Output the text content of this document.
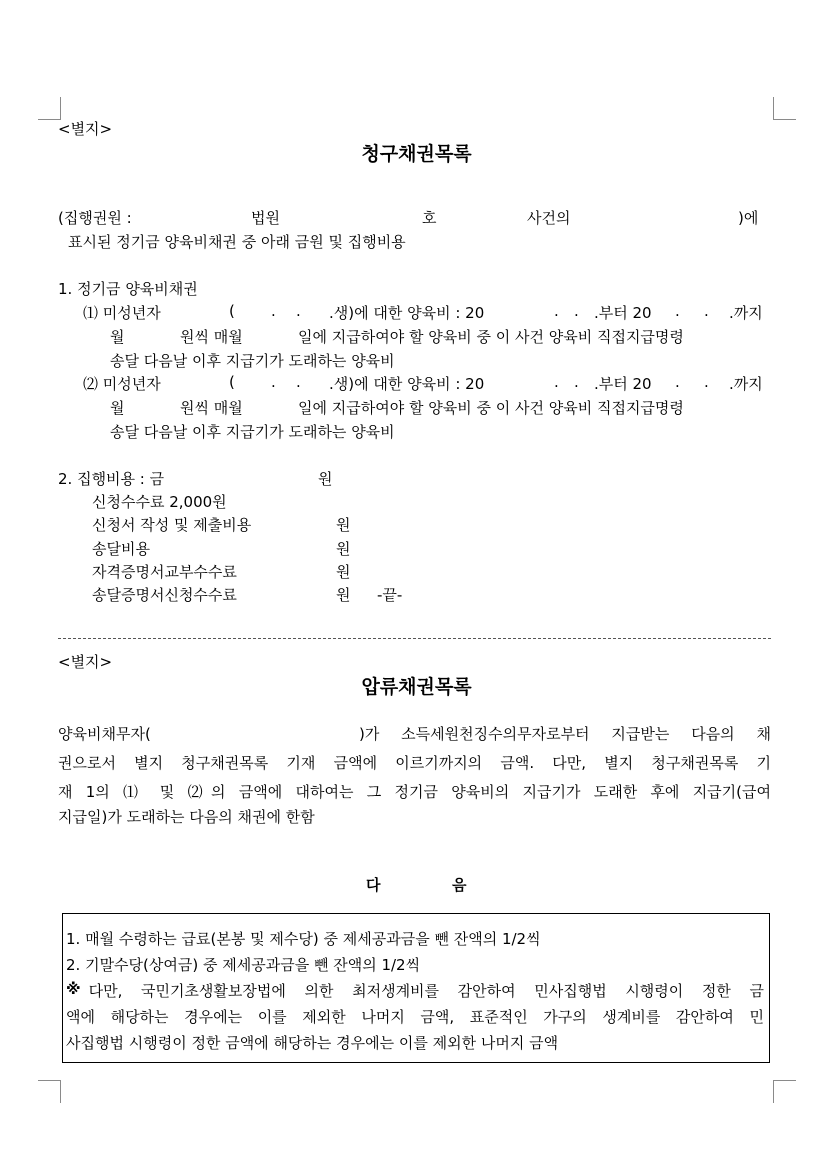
<별지>
청구채권목록
(집행권원 :	법원	호	사건의	)에
표시된 정기금 양육비채권 중 아래 금원 및 집행비용
1. 정기금 양육비채권
⑴ 미성년자	( . . .생)에 대한 양육비 : 20	. . .부터 20 . . .까지
월	원씩 매월	일에 지급하여야 할 양육비 중 이 사건 양육비 직접지급명령
송달 다음날 이후 지급기가 도래하는 양육비
⑵ 미성년자	( . . .생)에 대한 양육비 : 20	. . .부터 20 . . .까지
월	원씩 매월	일에 지급하여야 할 양육비 중 이 사건 양육비 직접지급명령
송달 다음날 이후 지급기가 도래하는 양육비
2. 집행비용 : 금	원
신청수수료 2,000원
신청서 작성 및 제출비용	원
송달비용	원
자격증명서교부수수료	원
송달증명서신청수수료	원 -끝-
<별지>
압류채권목록
양육비채무자(	)가 소득세원천징수의무자로부터 지급받는 다음의 채
권으로서 별지 청구채권목록 기재 금액에 이르기까지의 금액. 다만, 별지 청구채권목록 기
재 1의 ⑴ 및 ⑵의 금액에 대하여는 그 정기금 양육비의 지급기가 도래한 후에 지급기(급여
지급일)가 도래하는 다음의 채권에 한함
다	음
1. 매월 수령하는 급료(본봉 및 제수당) 중 제세공과금을 뺀 잔액의 1/2씩
2. 기말수당(상여금) 중 제세공과금을 뺀 잔액의 1/2씩
※ 다만, 국민기초생활보장법에 의한 최저생계비를 감안하여 민사집행법 시행령이 정한 금
액에 해당하는 경우에는 이를 제외한 나머지 금액, 표준적인 가구의 생계비를 감안하여 민
사집행법 시행령이 정한 금액에 해당하는 경우에는 이를 제외한 나머지 금액
